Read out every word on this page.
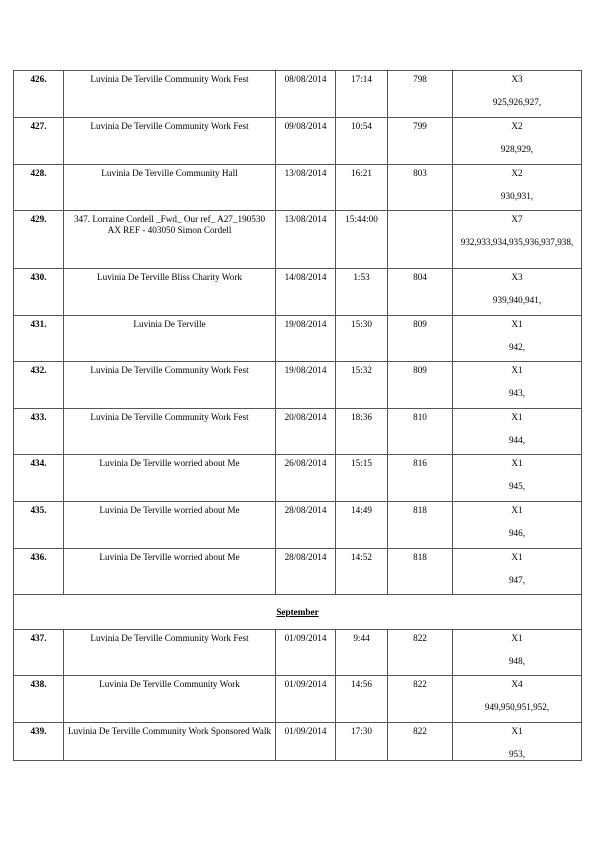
426.	Luvinia De Terville Community Work Fest	08/08/2014	17:14	798	X3
925,926,927,

427.	Luvinia De Terville Community Work Fest	09/08/2014	10:54	799	X2
928,929,

428.	Luvinia De Terville Community Hall	13/08/2014	16:21	803	X2
930,931,

429.	347. Lorraine Cordell _Fwd_ Our ref_ A27_190530 AX REF - 403050 Simon Cordell	13/08/2014	15:44:00		X7
932,933,934,935,936,937,938,

430.	Luvinia De Terville Bliss Charity Work	14/08/2014	1:53	804	X3
939,940,941,

431.	Luvinia De Terville	19/08/2014	15:30	809	X1
942,

432.	Luvinia De Terville Community Work Fest	19/08/2014	15:32	809	X1
943,

433.	Luvinia De Terville Community Work Fest	20/08/2014	18:36	810	X1
944,

434.	Luvinia De Terville worried about Me	26/08/2014	15:15	816	X1
945,

435.	Luvinia De Terville worried about Me	28/08/2014	14:49	818	X1
946,

436.	Luvinia De Terville worried about Me	28/08/2014	14:52	818	X1
947,

September					
437.	Luvinia De Terville Community Work Fest	01/09/2014	9:44	822	X1
948,

438.	Luvinia De Terville Community Work	01/09/2014	14:56	822	X4
949,950,951,952,

439.	Luvinia De Terville Community Work Sponsored Walk	01/09/2014	17:30	822	X1
953,
